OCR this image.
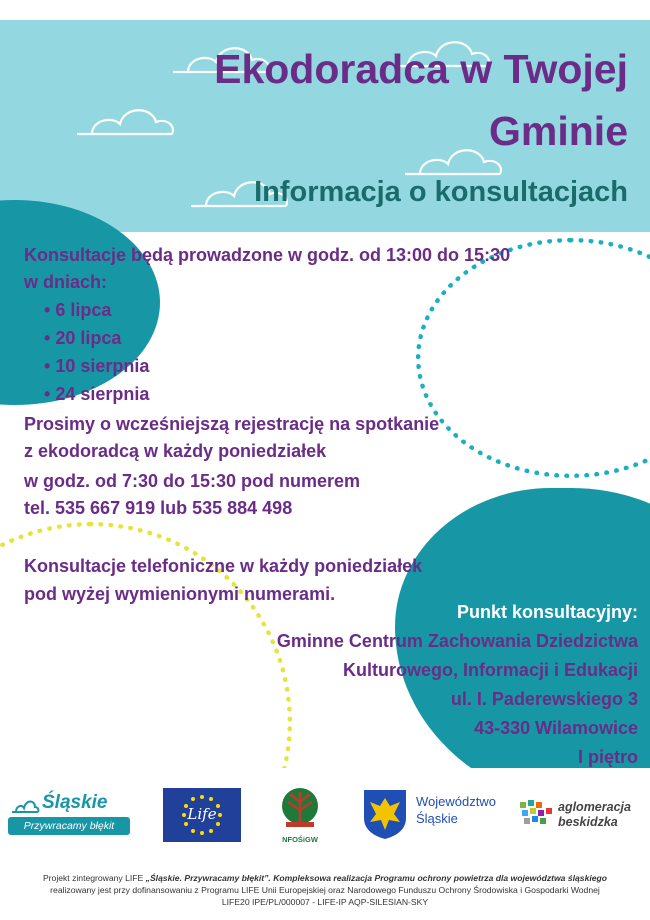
Ekodoradca w Twojej
Gminie
Informacja o konsultacjach
Konsultacje będą prowadzone w godz. od 13:00 do 15:30
w dniach:
• 6 lipca
• 20 lipca
• 10 sierpnia
• 24 sierpnia
Prosimy o wcześniejszą rejestrację na spotkanie
z ekodoradcą w każdy poniedziałek
w godz. od 7:30 do 15:30 pod numerem
tel. 535 667 919 lub 535 884 498
Konsultacje telefoniczne w każdy poniedziałek
pod wyżej wymienionymi numerami.
Punkt konsultacyjny:
Gminne Centrum Zachowania Dziedzictwa
Kulturowego, Informacji i Edukacji
ul. I. Paderewskiego 3
43-330 Wilamowice
I piętro
Śląskie
Przywracamy błękit
Life
NFOŚiGW
Województwo
Śląskie
aglomeracja
beskidzka
Projekt zintegrowany LIFE „Śląskie. Przywracamy błękit”. Kompleksowa realizacja Programu ochrony powietrza dla województwa śląskiego
realizowany jest przy dofinansowaniu z Programu LIFE Unii Europejskiej oraz Narodowego Funduszu Ochrony Środowiska i Gospodarki Wodnej
LIFE20 IPE/PL/000007 - LIFE-IP AQP-SILESIAN-SKY
